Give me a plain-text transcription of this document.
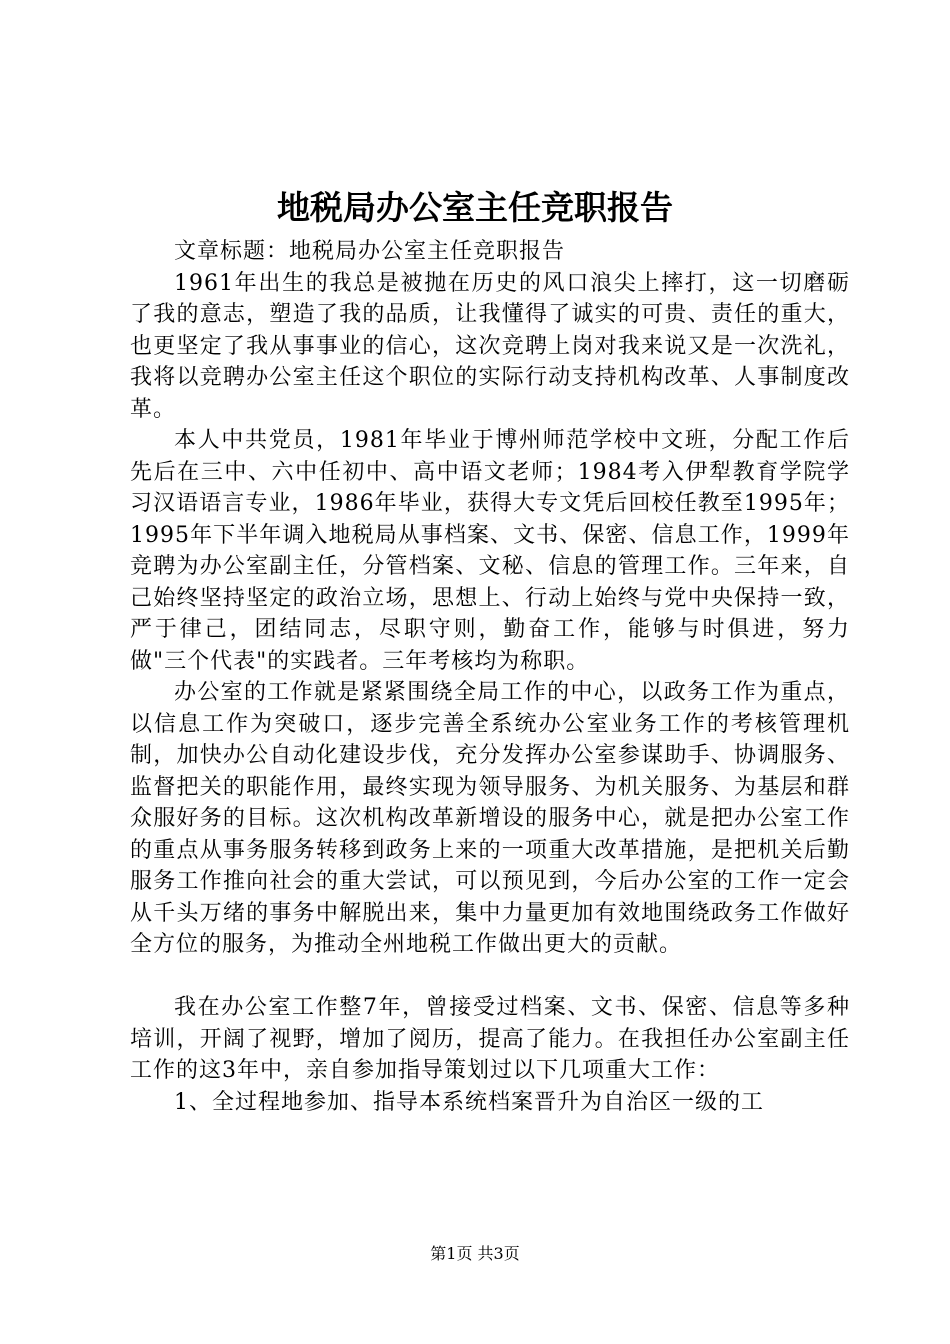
地税局办公室主任竞职报告

文章标题：地税局办公室主任竞职报告

1961年出生的我总是被抛在历史的风口浪尖上摔打，这一切磨砺了我的意志，塑造了我的品质，让我懂得了诚实的可贵、责任的重大，也更坚定了我从事事业的信心，这次竞聘上岗对我来说又是一次洗礼，我将以竞聘办公室主任这个职位的实际行动支持机构改革、人事制度改革。

本人中共党员，1981年毕业于博州师范学校中文班，分配工作后先后在三中、六中任初中、高中语文老师；1984考入伊犁教育学院学习汉语语言专业，1986年毕业，获得大专文凭后回校任教至1995年；1995年下半年调入地税局从事档案、文书、保密、信息工作，1999年竞聘为办公室副主任，分管档案、文秘、信息的管理工作。三年来，自己始终坚持坚定的政治立场，思想上、行动上始终与党中央保持一致，严于律己，团结同志，尽职守则，勤奋工作，能够与时俱进，努力做"三个代表"的实践者。三年考核均为称职。

办公室的工作就是紧紧围绕全局工作的中心，以政务工作为重点，以信息工作为突破口，逐步完善全系统办公室业务工作的考核管理机制，加快办公自动化建设步伐，充分发挥办公室参谋助手、协调服务、监督把关的职能作用，最终实现为领导服务、为机关服务、为基层和群众服好务的目标。这次机构改革新增设的服务中心，就是把办公室工作的重点从事务服务转移到政务上来的一项重大改革措施，是把机关后勤服务工作推向社会的重大尝试，可以预见到，今后办公室的工作一定会从千头万绪的事务中解脱出来，集中力量更加有效地围绕政务工作做好全方位的服务，为推动全州地税工作做出更大的贡献。

我在办公室工作整7年，曾接受过档案、文书、保密、信息等多种培训，开阔了视野，增加了阅历，提高了能力。在我担任办公室副主任工作的这3年中，亲自参加指导策划过以下几项重大工作：

1、全过程地参加、指导本系统档案晋升为自治区一级的工

第1页 共3页
